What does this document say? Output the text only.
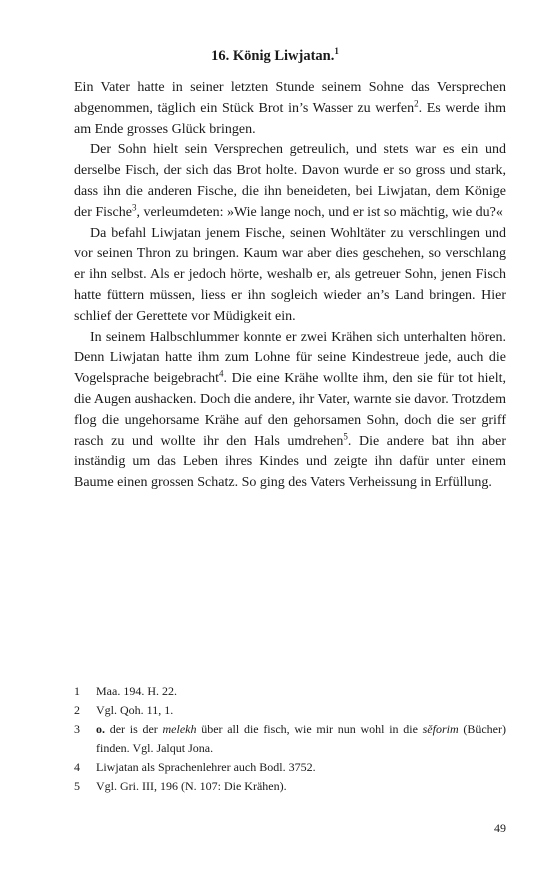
16. König Liwjatan.$^1$

Ein Vater hatte in seiner letzten Stunde seinem Sohne das Versprechen abgenommen, täglich ein Stück Brot in’s Wasser zu werfen$^2$. Es werde ihm am Ende grosses Glück bringen.

Der Sohn hielt sein Versprechen getreulich, und stets war es ein und derselbe Fisch, der sich das Brot holte. Davon wurde er so gross und stark, dass ihn die anderen Fische, die ihn beneideten, bei Liwjatan, dem Könige der Fische$^3$, verleumdeten: »Wie lange noch, und er ist so mächtig, wie du?«

Da befahl Liwjatan jenem Fische, seinen Wohltäter zu verschlingen und vor seinen Thron zu bringen. Kaum war aber dies geschehen, so verschlang er ihn selbst. Als er jedoch hörte, weshalb er, als getreuer Sohn, jenen Fisch hatte füttern müssen, liess er ihn sogleich wieder an’s Land bringen. Hier schlief der Gerettete vor Müdigkeit ein.

In seinem Halbschlummer konnte er zwei Krähen sich unterhalten hören. Denn Liwjatan hatte ihm zum Lohne für seine Kindestreue jede, auch die Vogelsprache beigebracht$^4$. Die eine Krähe wollte ihm, den sie für tot hielt, die Augen aushacken. Doch die andere, ihr Vater, warnte sie davor. Trotzdem flog die ungehorsame Krähe auf den gehorsamen Sohn, doch die ser griff rasch zu und wollte ihr den Hals umdrehen$^5$. Die andere bat ihn aber inständig um das Leben ihres Kindes und zeigte ihn dafür unter einem Baume einen grossen Schatz. So ging des Vaters Verheissung in Erfüllung.

1	Maa. 194. H. 22.
2	Vgl. Qoh. 11, 1.
3	o. der is der melekh über all die fisch, wie mir nun wohl in die sĕforim (Bücher) finden. Vgl. Jalqut Jona.
4	Liwjatan als Sprachenlehrer auch Bodl. 3752.
5	Vgl. Gri. III, 196 (N. 107: Die Krähen).
49
